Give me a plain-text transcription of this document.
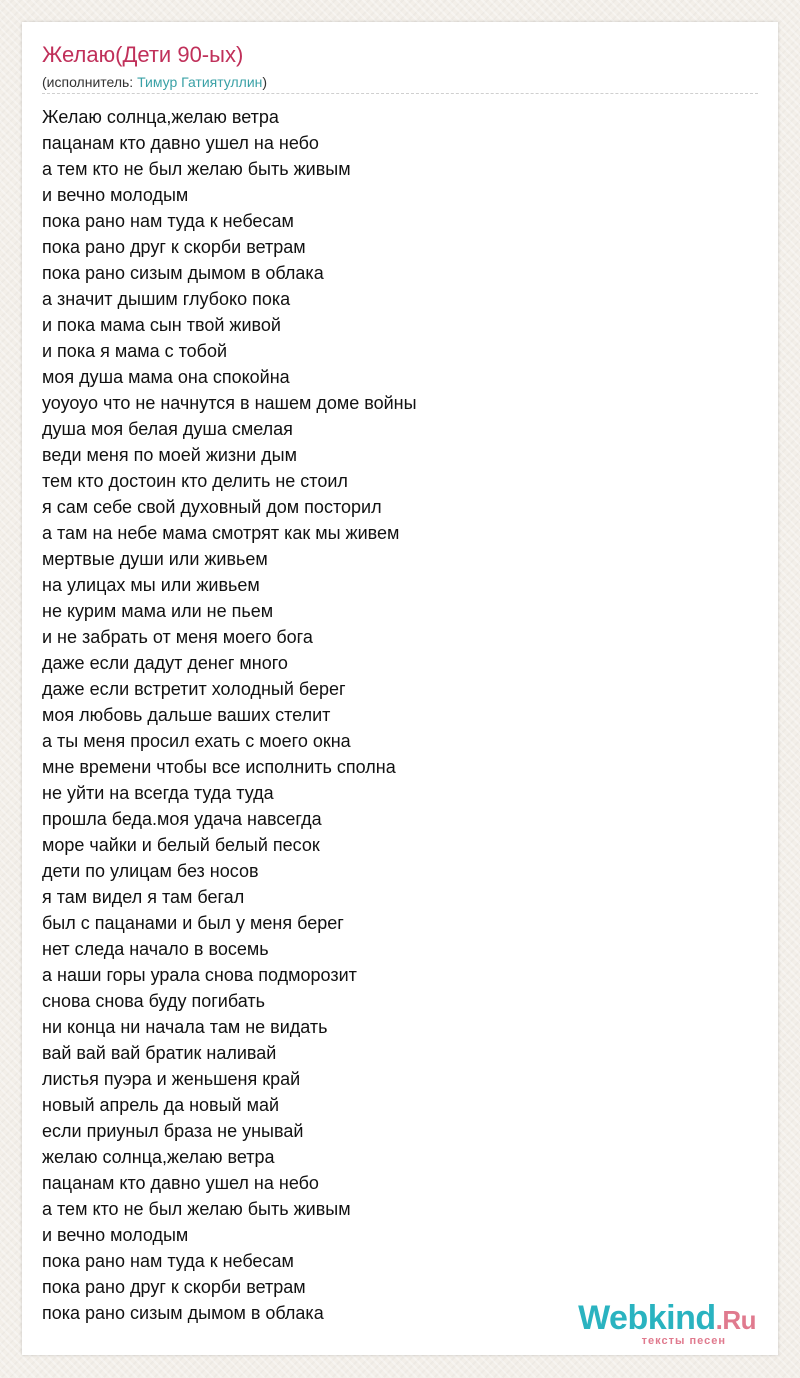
Желаю(Дети 90-ых)
(исполнитель: Тимур Гатиятуллин)
Желаю солнца,желаю ветра
пацанам кто давно ушел на небо
а тем кто не был желаю быть живым
и вечно молодым
пока рано нам туда к небесам
пока рано друг к скорби ветрам
пока рано сизым дымом в облака
а значит дышим глубоко пока
и пока мама сын твой живой
и пока я мама с тобой
моя душа мама она спокойна
уоуоуо что не начнутся в нашем доме войны
душа моя белая душа смелая
веди меня по моей жизни дым
тем кто достоин кто делить не стоил
я сам себе свой духовный дом посторил
а там на небе мама смотрят как мы живем
мертвые души или живьем
на улицах мы или живьем
не курим мама или не пьем
и не забрать от меня моего бога
даже если дадут денег много
даже если встретит холодный берег
моя любовь дальше ваших стелит
а ты меня просил ехать с моего окна
мне времени чтобы все исполнить сполна
не уйти на всегда туда туда
прошла беда.моя удача навсегда
море чайки и белый белый песок
дети по улицам без носов
я там видел я там бегал
был с пацанами и был у меня берег
нет следа начало в восемь
а наши горы урала снова подморозит
снова снова буду погибать
ни конца ни начала там не видать
вай вай вай братик наливай
листья пуэра и женьшеня край
новый апрель да новый май
если приуныл браза не унывай
желаю солнца,желаю ветра
пацанам кто давно ушел на небо
а тем кто не был желаю быть живым
и вечно молодым
пока рано нам туда к небесам
пока рано друг к скорби ветрам
пока рано сизым дымом в облака	Webkind.Ru
тексты песен
